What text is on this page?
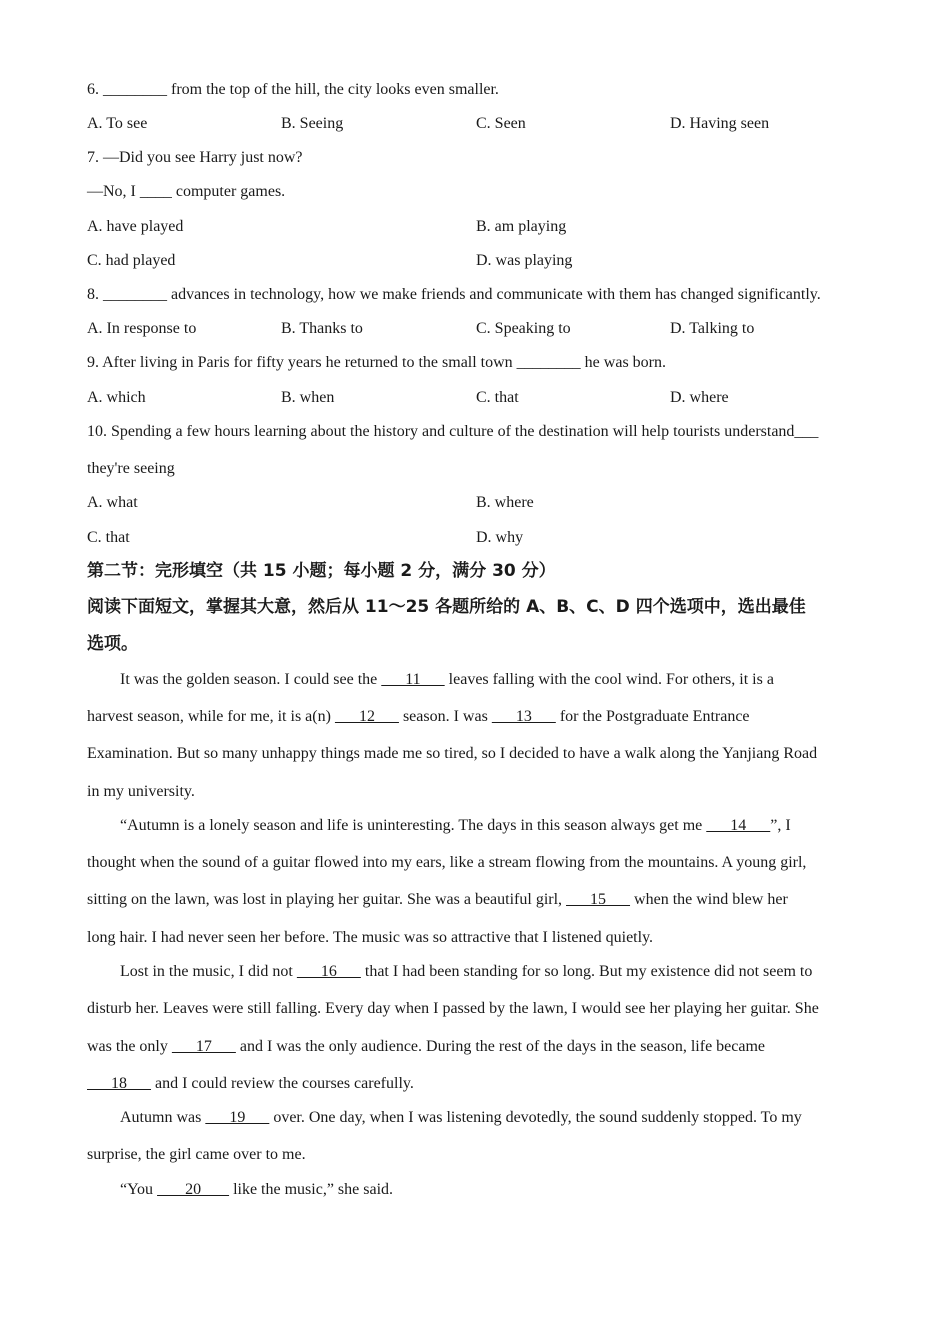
6. ________ from the top of the hill, the city looks even smaller.
A. To see	B. Seeing	C. Seen	D. Having seen
7. —Did you see Harry just now?
—No, I ____ computer games.
A. have played	B. am playing
C. had played	D. was playing
8. ________ advances in technology, how we make friends and communicate with them has changed significantly.
A. In response to	B. Thanks to	C. Speaking to	D. Talking to
9. After living in Paris for fifty years he returned to the small town ________ he was born.
A. which	B. when	C. that	D. where
10. Spending a few hours learning about the history and culture of the destination will help tourists understand___
they're seeing
A. what	B. where
C. that	D. why
第二节：完形填空（共 15 小题；每小题 2 分，满分 30 分）
阅读下面短文，掌握其大意，然后从 11～25 各题所给的 A、B、C、D 四个选项中，选出最佳
选项。
It was the golden season. I could see the       11       leaves falling with the cool wind. For others, it is a
harvest season, while for me, it is a(n)       12       season. I was       13       for the Postgraduate Entrance
Examination. But so many unhappy things made me so tired, so I decided to have a walk along the Yanjiang Road
in my university.
“Autumn is a lonely season and life is uninteresting. The days in this season always get me       14      ”, I
thought when the sound of a guitar flowed into my ears, like a stream flowing from the mountains. A young girl,
sitting on the lawn, was lost in playing her guitar. She was a beautiful girl,       15       when the wind blew her
long hair. I had never seen her before. The music was so attractive that I listened quietly.
Lost in the music, I did not       16       that I had been standing for so long. But my existence did not seem to
disturb her. Leaves were still falling. Every day when I passed by the lawn, I would see her playing her guitar. She
was the only       17       and I was the only audience. During the rest of the days in the season, life became
18       and I could review the courses carefully.
Autumn was       19       over. One day, when I was listening devotedly, the sound suddenly stopped. To my
surprise, the girl came over to me.
“You        20        like the music,” she said.
